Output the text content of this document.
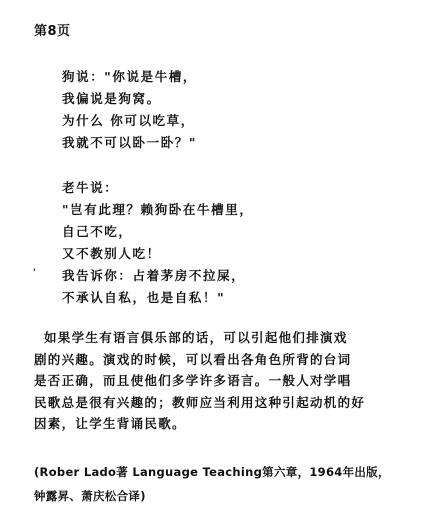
第8页
狗说："你说是牛槽，
我偏说是狗窝。
为什么 你可以吃草，
我就不可以卧一卧？"
老牛说：
"岂有此理？赖狗卧在牛槽里，
自己不吃，
又不教别人吃！
我告诉你：占着茅房不拉屎，
不承认自私，也是自私！"
'
如果学生有语言俱乐部的话，可以引起他们排演戏
剧的兴趣。演戏的时候，可以看出各角色所背的台词
是否正确，而且使他们多学许多语言。一般人对学唱
民歌总是很有兴趣的；教师应当利用这种引起动机的好
因素，让学生背诵民歌。
(Rober Lado著 Language Teaching第六章，1964年出版，
钟露昇、萧庆松合译)
